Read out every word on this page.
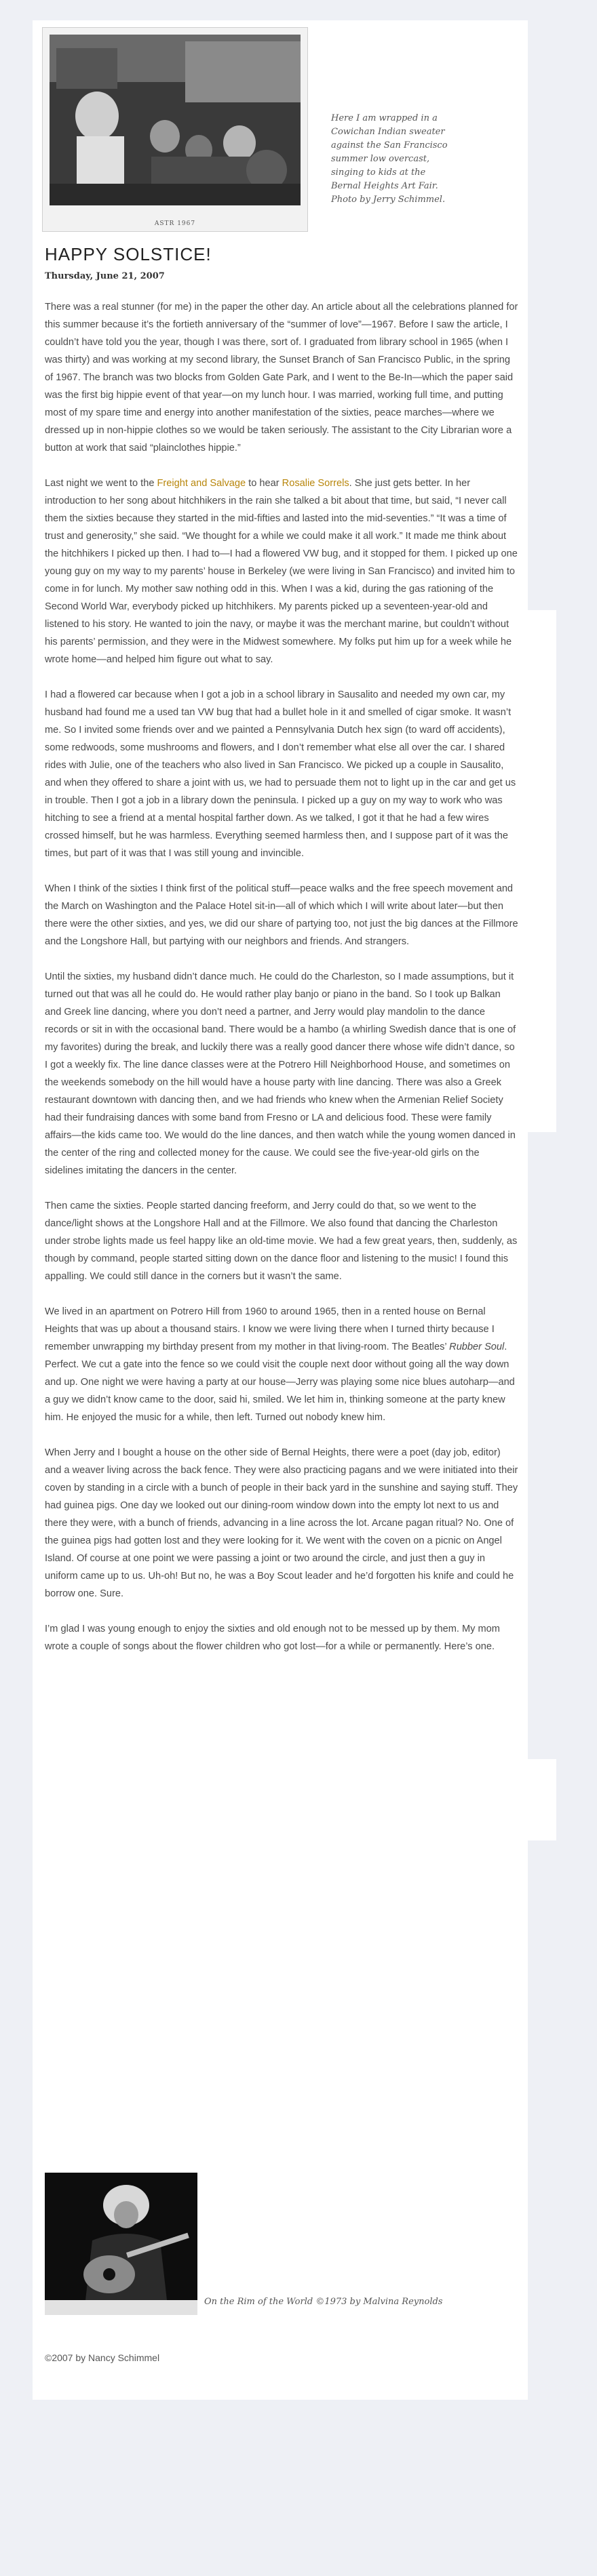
ASTR 1967
Here I am wrapped in a
Cowichan Indian sweater
against the San Francisco
summer low overcast,
singing to kids at the
Bernal Heights Art Fair.
Photo by Jerry Schimmel.
HAPPY SOLSTICE!
Thursday, June 21, 2007

There was a real stunner (for me) in the paper the other day. An article about all the celebrations planned for this summer because it’s the fortieth anniversary of the “summer of love”—1967. Before I saw the article, I couldn’t have told you the year, though I was there, sort of. I graduated from library school in 1965 (when I was thirty) and was working at my second library, the Sunset Branch of San Francisco Public, in the spring of 1967. The branch was two blocks from Golden Gate Park, and I went to the Be-In—which the paper said was the first big hippie event of that year—on my lunch hour. I was married, working full time, and putting most of my spare time and energy into another manifestation of the sixties, peace marches—where we dressed up in non-hippie clothes so we would be taken seriously. The assistant to the City Librarian wore a button at work that said “plainclothes hippie.”

Last night we went to the Freight and Salvage to hear Rosalie Sorrels. She just gets better. In her introduction to her song about hitchhikers in the rain she talked a bit about that time, but said, “I never call them the sixties because they started in the mid-fifties and lasted into the mid-seventies.” “It was a time of trust and generosity,” she said. “We thought for a while we could make it all work.” It made me think about the hitchhikers I picked up then. I had to—I had a flowered VW bug, and it stopped for them. I picked up one young guy on my way to my parents’ house in Berkeley (we were living in San Francisco) and invited him to come in for lunch. My mother saw nothing odd in this. When I was a kid, during the gas rationing of the Second World War, everybody picked up hitchhikers. My parents picked up a seventeen-year-old and listened to his story. He wanted to join the navy, or maybe it was the merchant marine, but couldn’t without his parents’ permission, and they were in the Midwest somewhere. My folks put him up for a week while he wrote home—and helped him figure out what to say.

I had a flowered car because when I got a job in a school library in Sausalito and needed my own car, my husband had found me a used tan VW bug that had a bullet hole in it and smelled of cigar smoke. It wasn’t me. So I invited some friends over and we painted a Pennsylvania Dutch hex sign (to ward off accidents), some redwoods, some mushrooms and flowers, and I don’t remember what else all over the car. I shared rides with Julie, one of the teachers who also lived in San Francisco. We picked up a couple in Sausalito, and when they offered to share a joint with us, we had to persuade them not to light up in the car and get us in trouble. Then I got a job in a library down the peninsula. I picked up a guy on my way to work who was hitching to see a friend at a mental hospital farther down. As we talked, I got it that he had a few wires crossed himself, but he was harmless. Everything seemed harmless then, and I suppose part of it was the times, but part of it was that I was still young and invincible.

When I think of the sixties I think first of the political stuff—peace walks and the free speech movement and the March on Washington and the Palace Hotel sit-in—all of which which I will write about later—but then there were the other sixties, and yes, we did our share of partying too, not just the big dances at the Fillmore and the Longshore Hall, but partying with our neighbors and friends. And strangers.

Until the sixties, my husband didn’t dance much. He could do the Charleston, so I made assumptions, but it turned out that was all he could do. He would rather play banjo or piano in the band. So I took up Balkan and Greek line dancing, where you don’t need a partner, and Jerry would play mandolin to the dance records or sit in with the occasional band. There would be a hambo (a whirling Swedish dance that is one of my favorites) during the break, and luckily there was a really good dancer there whose wife didn’t dance, so I got a weekly fix. The line dance classes were at the Potrero Hill Neighborhood House, and sometimes on the weekends somebody on the hill would have a house party with line dancing. There was also a Greek restaurant downtown with dancing then, and we had friends who knew when the Armenian Relief Society had their fundraising dances with some band from Fresno or LA and delicious food. These were family affairs—the kids came too. We would do the line dances, and then watch while the young women danced in the center of the ring and collected money for the cause. We could see the five-year-old girls on the sidelines imitating the dancers in the center.

Then came the sixties. People started dancing freeform, and Jerry could do that, so we went to the dance/light shows at the Longshore Hall and at the Fillmore. We also found that dancing the Charleston under strobe lights made us feel happy like an old-time movie. We had a few great years, then, suddenly, as though by command, people started sitting down on the dance floor and listening to the music! I found this appalling. We could still dance in the corners but it wasn’t the same.

We lived in an apartment on Potrero Hill from 1960 to around 1965, then in a rented house on Bernal Heights that was up about a thousand stairs. I know we were living there when I turned thirty because I remember unwrapping my birthday present from my mother in that living-room. The Beatles’ Rubber Soul. Perfect. We cut a gate into the fence so we could visit the couple next door without going all the way down and up. One night we were having a party at our house—Jerry was playing some nice blues autoharp—and a guy we didn’t know came to the door, said hi, smiled. We let him in, thinking someone at the party knew him. He enjoyed the music for a while, then left. Turned out nobody knew him.

When Jerry and I bought a house on the other side of Bernal Heights, there were a poet (day job, editor) and a weaver living across the back fence. They were also practicing pagans and we were initiated into their coven by standing in a circle with a bunch of people in their back yard in the sunshine and saying stuff. They had guinea pigs. One day we looked out our dining-room window down into the empty lot next to us and there they were, with a bunch of friends, advancing in a line across the lot. Arcane pagan ritual? No. One of the guinea pigs had gotten lost and they were looking for it. We went with the coven on a picnic on Angel Island. Of course at one point we were passing a joint or two around the circle, and just then a guy in uniform came up to us. Uh-oh! But no, he was a Boy Scout leader and he’d forgotten his knife and could he borrow one. Sure.

I’m glad I was young enough to enjoy the sixties and old enough not to be messed up by them. My mom wrote a couple of songs about the flower children who got lost—for a while or permanently. Here’s one.

On the Rim of the World ©1973 by Malvina Reynolds
©2007 by Nancy Schimmel
